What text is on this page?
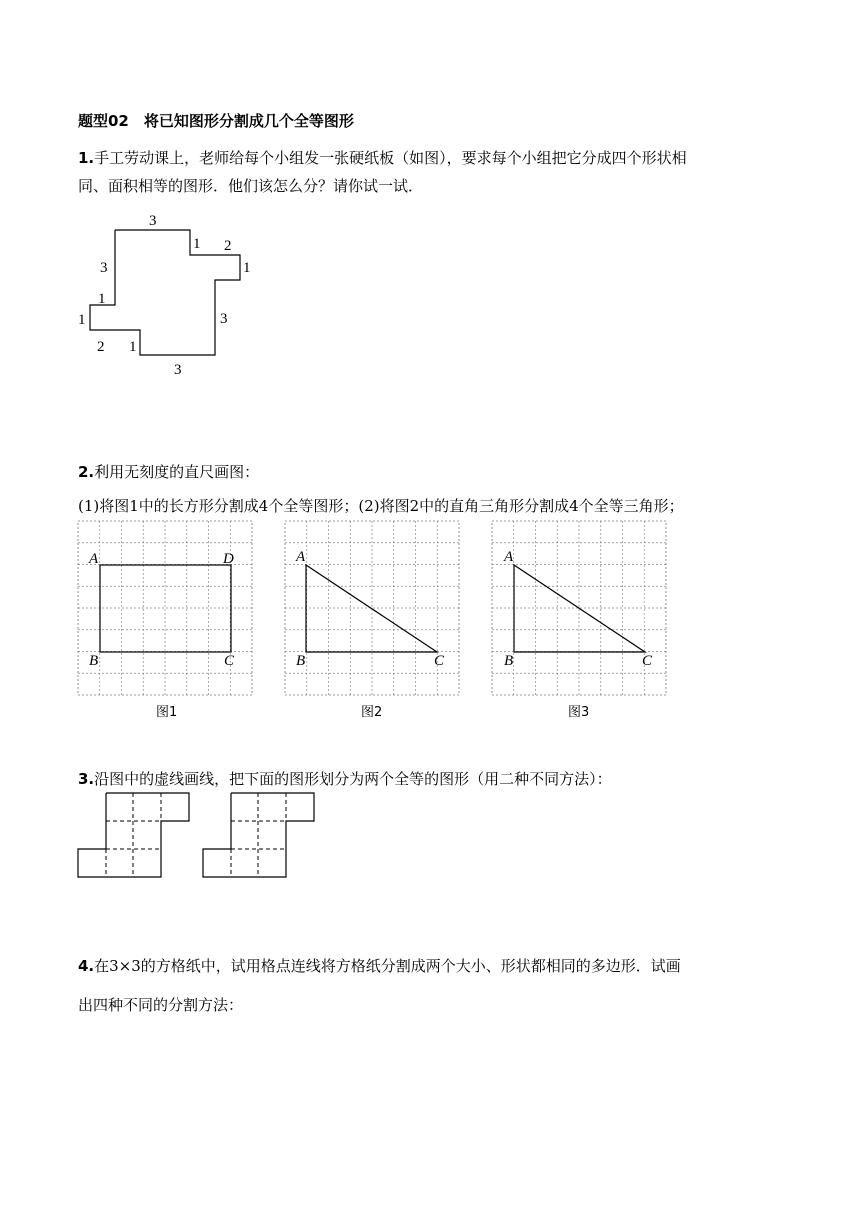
题型02　将已知图形分割成几个全等图形
1.手工劳动课上，老师给每个小组发一张硬纸板（如图），要求每个小组把它分成四个形状相
同、面积相等的图形．他们该怎么分？请你试一试．
3
1 2
1
3
3
1
2 1
1
3
2.利用无刻度的直尺画图：
(1)将图1中的长方形分割成4个全等图形；(2)将图2中的直角三角形分割成4个全等三角形；
A	D
B	C
图1
A
B	C
图2
A
B	C
图3
3.沿图中的虚线画线，把下面的图形划分为两个全等的图形（用二种不同方法）：
4.在3×3的方格纸中，试用格点连线将方格纸分割成两个大小、形状都相同的多边形．试画
出四种不同的分割方法：
